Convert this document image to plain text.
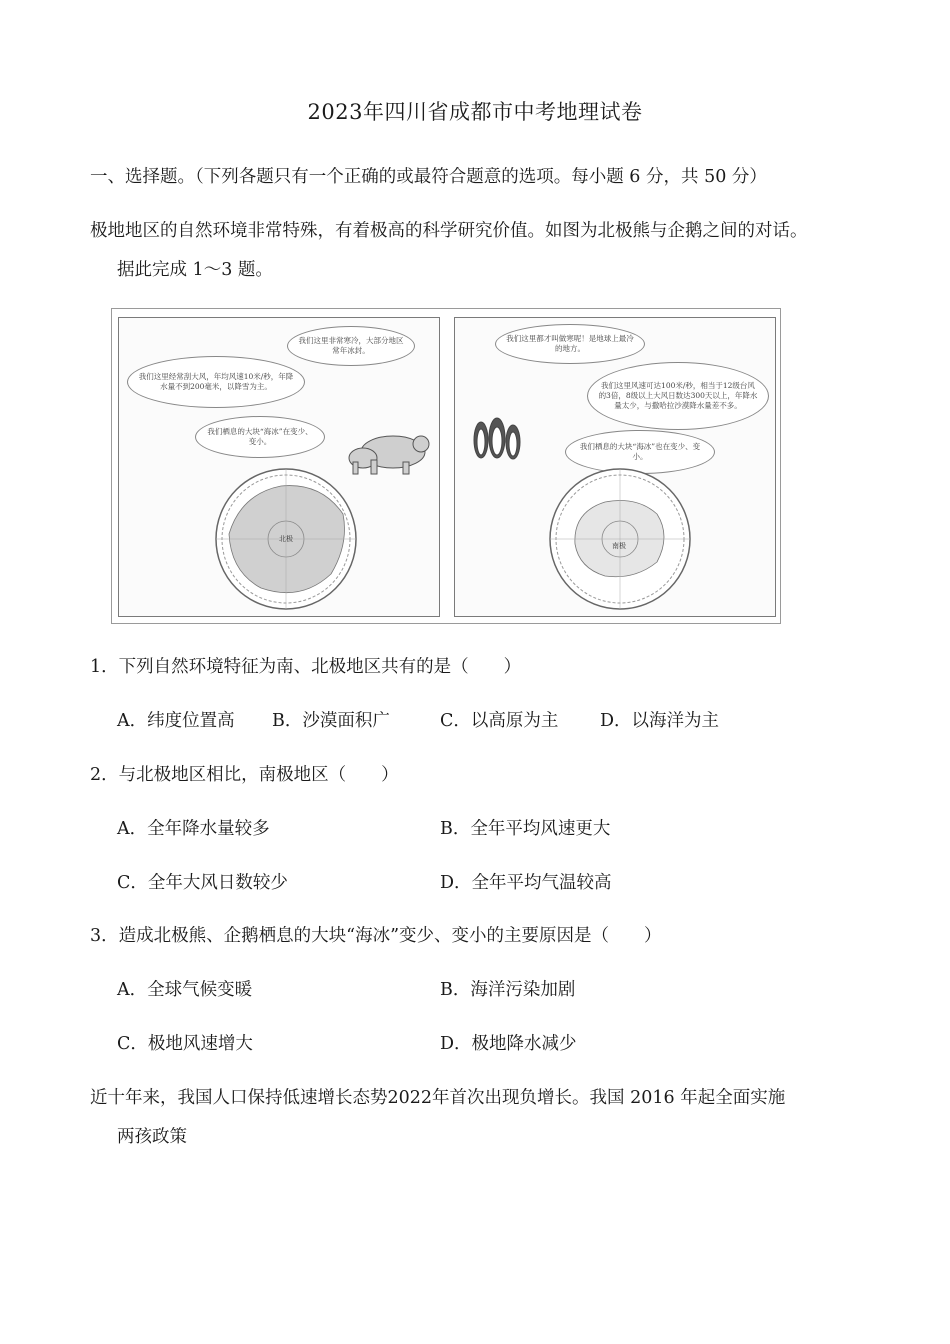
2023年四川省成都市中考地理试卷
一、选择题。（下列各题只有一个正确的或最符合题意的选项。每小题 6 分，共 50 分）
极地地区的自然环境非常特殊，有着极高的科学研究价值。如图为北极熊与企鹅之间的对话。
据此完成 1～3 题。
我们这里非常寒冷，大部分地区常年冰封。
我们这里经常刮大风，年均风速10米/秒，年降水量不到200毫米，以降雪为主。
我们栖息的大块“海冰”在变少、变小。
北极
我们这里都才叫做寒呢！是地球上最冷的地方。
我们这里风速可达100米/秒，相当于12级台风的3倍，8级以上大风日数达300天以上，年降水量太少，与撒哈拉沙漠降水量差不多。
我们栖息的大块“海冰”也在变少、变小。
南极
1．下列自然环境特征为南、北极地区共有的是（　　）
A．纬度位置高 B．沙漠面积广	C．以高原为主 D．以海洋为主
2．与北极地区相比，南极地区（　　）
A．全年降水量较多	B．全年平均风速更大
C．全年大风日数较少	D．全年平均气温较高
3．造成北极熊、企鹅栖息的大块“海冰”变少、变小的主要原因是（　　）
A．全球气候变暖	B．海洋污染加剧
C．极地风速增大	D．极地降水减少
近十年来，我国人口保持低速增长态势2022年首次出现负增长。我国 2016 年起全面实施
两孩政策
